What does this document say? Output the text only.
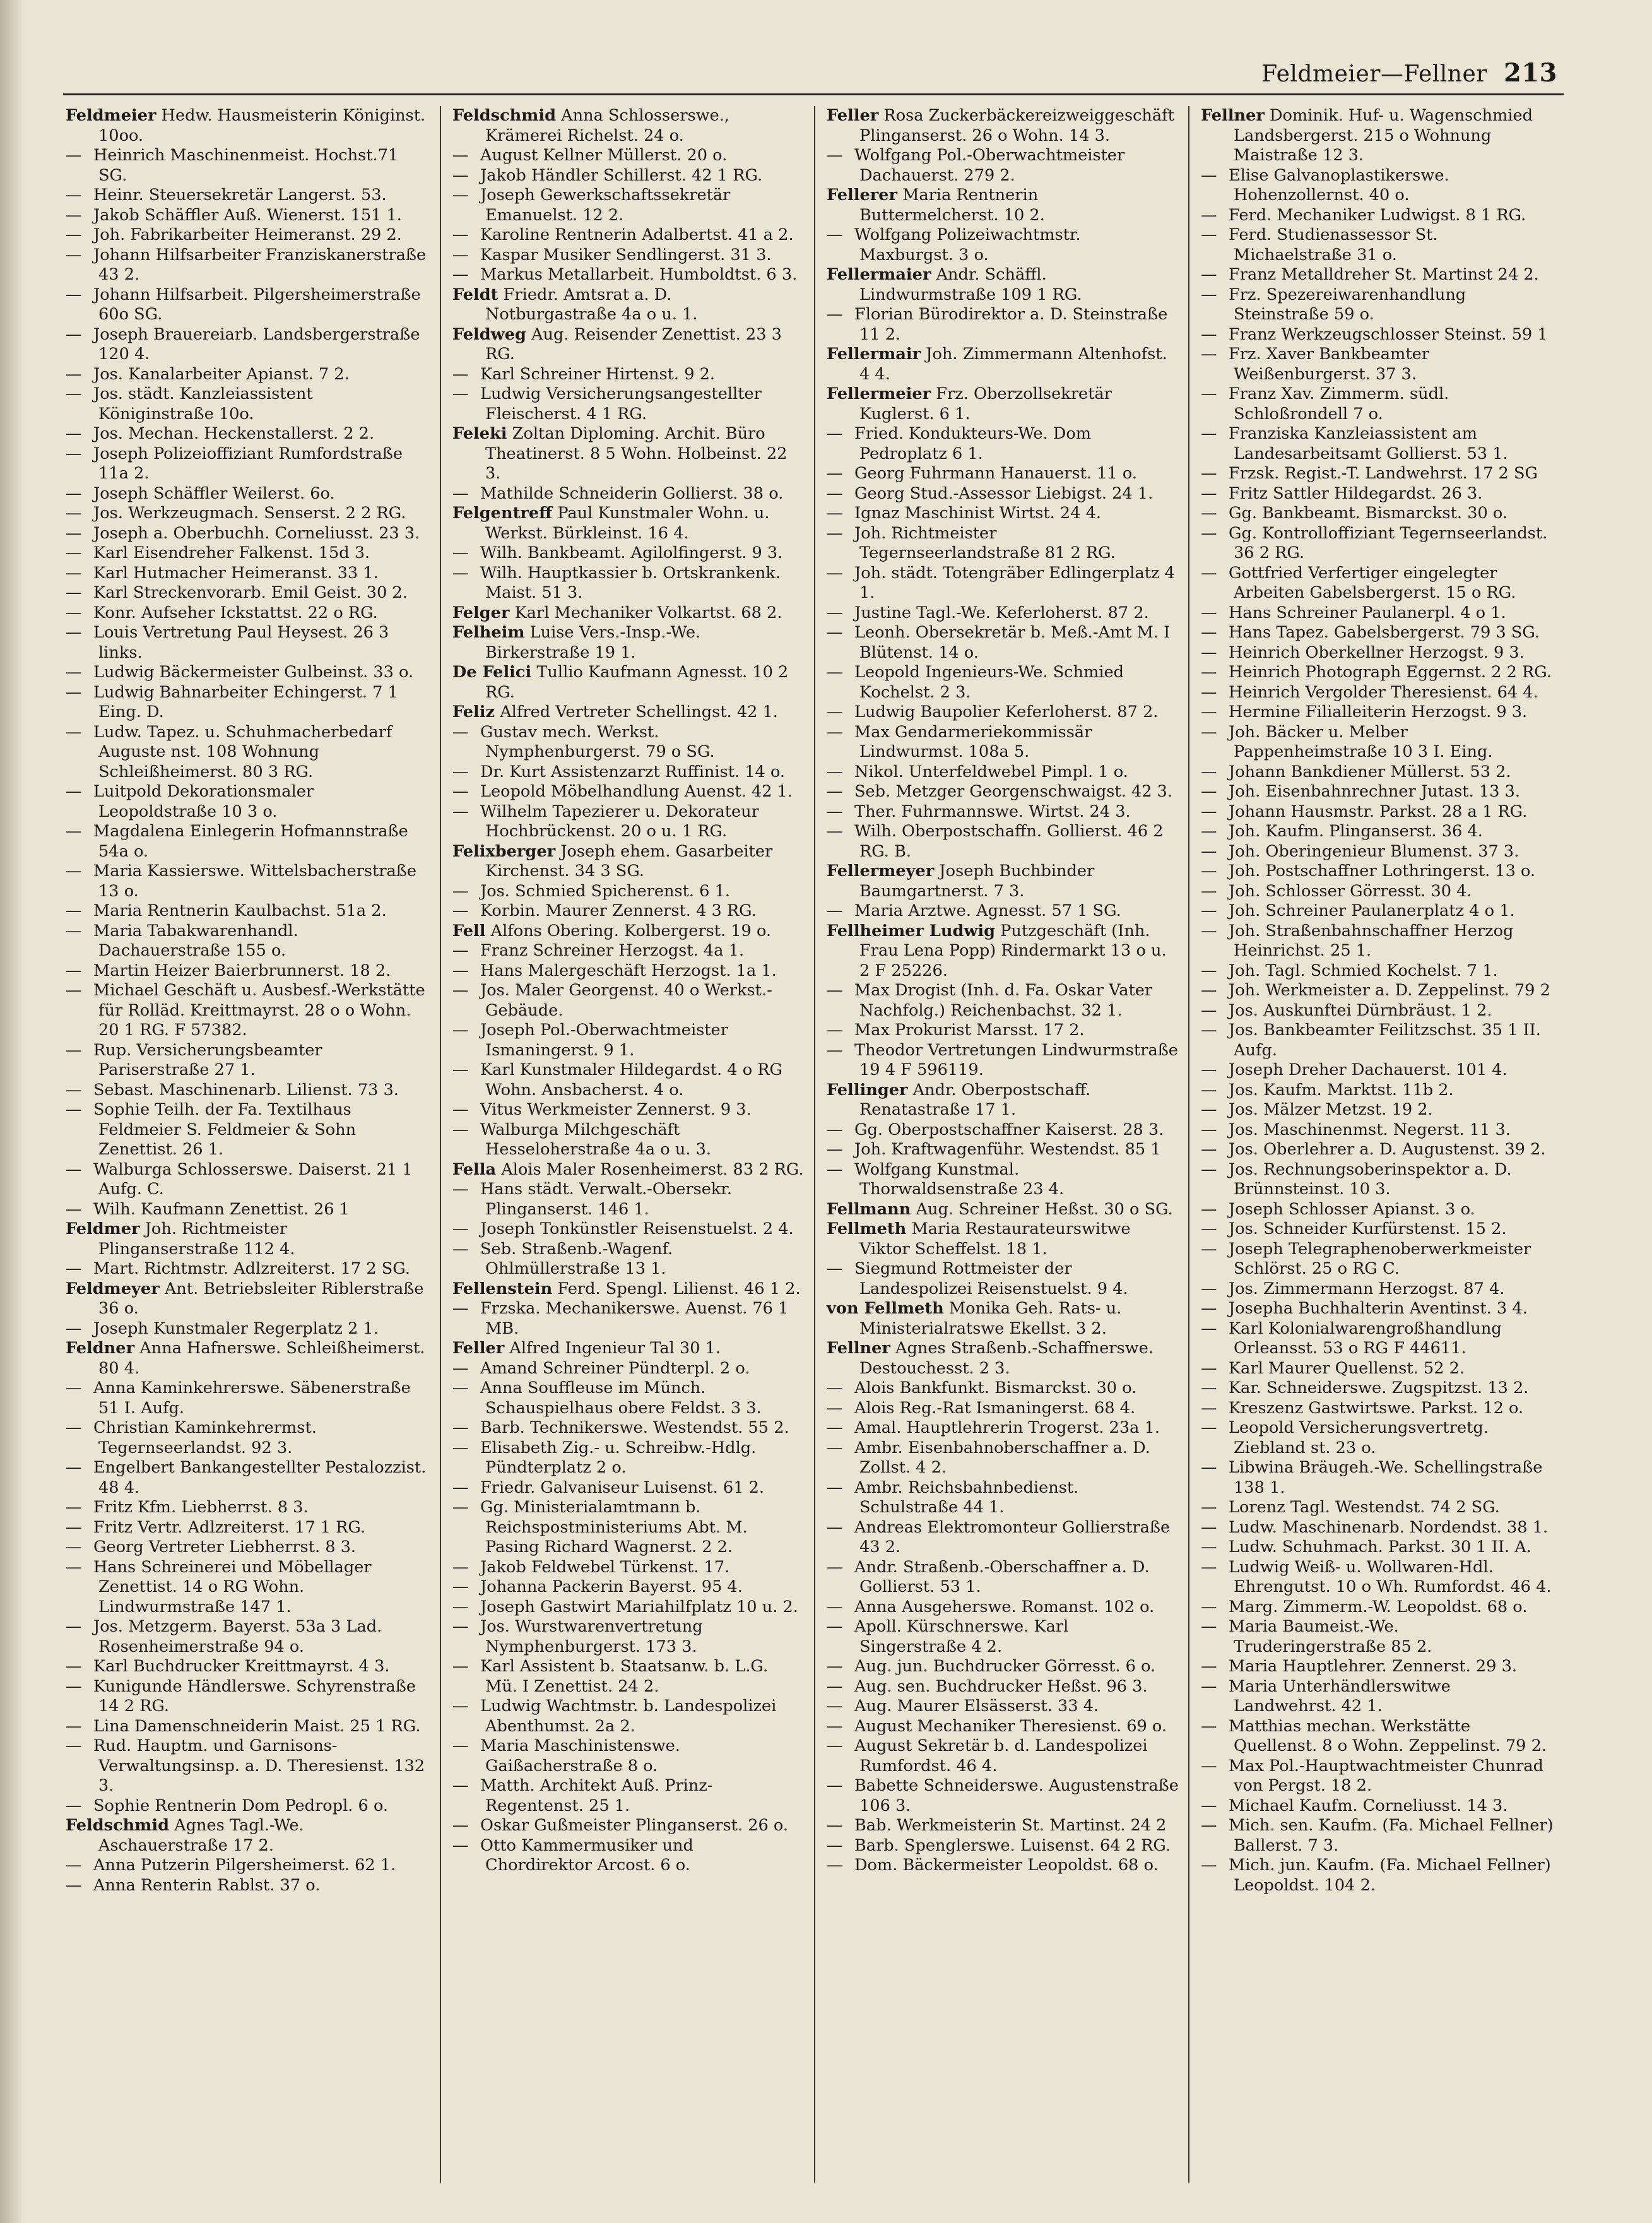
Feldmeier—Fellner 213

Feldmeier Hedw. Hausmeisterin Königinst. 10oo.

— Heinrich Maschinenmeist. Hochst.71 SG.

— Heinr. Steuersekretär Langerst. 53.

— Jakob Schäffler Auß. Wienerst. 151 1.

— Joh. Fabrikarbeiter Heimeranst. 29 2.

— Johann Hilfsarbeiter Franziskanerstraße 43 2.

— Johann Hilfsarbeit. Pilgersheimerstraße 60o SG.

— Joseph Brauereiarb. Landsbergerstraße 120 4.

— Jos. Kanalarbeiter Apianst. 7 2.

— Jos. städt. Kanzleiassistent Königinstraße 10o.

— Jos. Mechan. Heckenstallerst. 2 2.

— Joseph Polizeioffiziant Rumfordstraße 11a 2.

— Joseph Schäffler Weilerst. 6o.

— Jos. Werkzeugmach. Senserst. 2 2 RG.

— Joseph a. Oberbuchh. Corneliusst. 23 3.

— Karl Eisendreher Falkenst. 15d 3.

— Karl Hutmacher Heimeranst. 33 1.

— Karl Streckenvorarb. Emil Geist. 30 2.

— Konr. Aufseher Ickstattst. 22 o RG.

— Louis Vertretung Paul Heysest. 26 3 links.

— Ludwig Bäckermeister Gulbeinst. 33 o.

— Ludwig Bahnarbeiter Echingerst. 7 1 Eing. D.

— Ludw. Tapez. u. Schuhmacherbedarf Auguste nst. 108 Wohnung Schleißheimerst. 80 3 RG.

— Luitpold Dekorationsmaler Leopoldstraße 10 3 o.

— Magdalena Einlegerin Hofmannstraße 54a o.

— Maria Kassierswe. Wittelsbacherstraße 13 o.

— Maria Rentnerin Kaulbachst. 51a 2.

— Maria Tabakwarenhandl. Dachauerstraße 155 o.

— Martin Heizer Baierbrunnerst. 18 2.

— Michael Geschäft u. Ausbesf.-Werkstätte für Rolläd. Kreittmayrst. 28 o o Wohn. 20 1 RG. F 57382.

— Rup. Versicherungsbeamter Pariserstraße 27 1.

— Sebast. Maschinenarb. Lilienst. 73 3.

— Sophie Teilh. der Fa. Textilhaus Feldmeier S. Feldmeier & Sohn Zenettist. 26 1.

— Walburga Schlosserswe. Daiserst. 21 1 Aufg. C.

— Wilh. Kaufmann Zenettist. 26 1

Feldmer Joh. Richtmeister Plinganserstraße 112 4.

— Mart. Richtmstr. Adlzreiterst. 17 2 SG.

Feldmeyer Ant. Betriebsleiter Riblerstraße 36 o.

— Joseph Kunstmaler Regerplatz 2 1.

Feldner Anna Hafnerswe. Schleißheimerst. 80 4.

— Anna Kaminkehrerswe. Säbenerstraße 51 I. Aufg.

— Christian Kaminkehrermst. Tegernseerlandst. 92 3.

— Engelbert Bankangestellter Pestalozzist. 48 4.

— Fritz Kfm. Liebherrst. 8 3.

— Fritz Vertr. Adlzreiterst. 17 1 RG.

— Georg Vertreter Liebherrst. 8 3.

— Hans Schreinerei und Möbellager Zenettist. 14 o RG Wohn. Lindwurmstraße 147 1.

— Jos. Metzgerm. Bayerst. 53a 3 Lad. Rosenheimerstraße 94 o.

— Karl Buchdrucker Kreittmayrst. 4 3.

— Kunigunde Händlerswe. Schyrenstraße 14 2 RG.

— Lina Damenschneiderin Maist. 25 1 RG.

— Rud. Hauptm. und Garnisons-Verwaltungsinsp. a. D. Theresienst. 132 3.

— Sophie Rentnerin Dom Pedropl. 6 o.

Feldschmid Agnes Tagl.-We. Aschauerstraße 17 2.

— Anna Putzerin Pilgersheimerst. 62 1.

— Anna Renterin Rablst. 37 o.

Feldschmid Anna Schlosserswe., Krämerei Richelst. 24 o.

— August Kellner Müllerst. 20 o.

— Jakob Händler Schillerst. 42 1 RG.

— Joseph Gewerkschaftssekretär Emanuelst. 12 2.

— Karoline Rentnerin Adalbertst. 41 a 2.

— Kaspar Musiker Sendlingerst. 31 3.

— Markus Metallarbeit. Humboldtst. 6 3.

Feldt Friedr. Amtsrat a. D. Notburgastraße 4a o u. 1.

Feldweg Aug. Reisender Zenettist. 23 3 RG.

— Karl Schreiner Hirtenst. 9 2.

— Ludwig Versicherungsangestellter Fleischerst. 4 1 RG.

Feleki Zoltan Diploming. Archit. Büro Theatinerst. 8 5 Wohn. Holbeinst. 22 3.

— Mathilde Schneiderin Gollierst. 38 o.

Felgentreff Paul Kunstmaler Wohn. u. Werkst. Bürkleinst. 16 4.

— Wilh. Bankbeamt. Agilolfingerst. 9 3.

— Wilh. Hauptkassier b. Ortskrankenk. Maist. 51 3.

Felger Karl Mechaniker Volkartst. 68 2.

Felheim Luise Vers.-Insp.-We. Birkerstraße 19 1.

De Felici Tullio Kaufmann Agnesst. 10 2 RG.

Feliz Alfred Vertreter Schellingst. 42 1.

— Gustav mech. Werkst. Nymphenburgerst. 79 o SG.

— Dr. Kurt Assistenzarzt Ruffinist. 14 o.

— Leopold Möbelhandlung Auenst. 42 1.

— Wilhelm Tapezierer u. Dekorateur Hochbrückenst. 20 o u. 1 RG.

Felixberger Joseph ehem. Gasarbeiter Kirchenst. 34 3 SG.

— Jos. Schmied Spicherenst. 6 1.

— Korbin. Maurer Zennerst. 4 3 RG.

Fell Alfons Obering. Kolbergerst. 19 o.

— Franz Schreiner Herzogst. 4a 1.

— Hans Malergeschäft Herzogst. 1a 1.

— Jos. Maler Georgenst. 40 o Werkst.-Gebäude.

— Joseph Pol.-Oberwachtmeister Ismaningerst. 9 1.

— Karl Kunstmaler Hildegardst. 4 o RG Wohn. Ansbacherst. 4 o.

— Vitus Werkmeister Zennerst. 9 3.

— Walburga Milchgeschäft Hesseloherstraße 4a o u. 3.

Fella Alois Maler Rosenheimerst. 83 2 RG.

— Hans städt. Verwalt.-Obersekr. Plinganserst. 146 1.

— Joseph Tonkünstler Reisenstuelst. 2 4.

— Seb. Straßenb.-Wagenf. Ohlmüllerstraße 13 1.

Fellenstein Ferd. Spengl. Lilienst. 46 1 2.

— Frzska. Mechanikerswe. Auenst. 76 1 MB.

Feller Alfred Ingenieur Tal 30 1.

— Amand Schreiner Pündterpl. 2 o.

— Anna Souffleuse im Münch. Schauspielhaus obere Feldst. 3 3.

— Barb. Technikerswe. Westendst. 55 2.

— Elisabeth Zig.- u. Schreibw.-Hdlg. Pündterplatz 2 o.

— Friedr. Galvaniseur Luisenst. 61 2.

— Gg. Ministerialamtmann b. Reichspostministeriums Abt. M. Pasing Richard Wagnerst. 2 2.

— Jakob Feldwebel Türkenst. 17.

— Johanna Packerin Bayerst. 95 4.

— Joseph Gastwirt Mariahilfplatz 10 u. 2.

— Jos. Wurstwarenvertretung Nymphenburgerst. 173 3.

— Karl Assistent b. Staatsanw. b. L.G. Mü. I Zenettist. 24 2.

— Ludwig Wachtmstr. b. Landespolizei Abenthumst. 2a 2.

— Maria Maschinistenswe. Gaißacherstraße 8 o.

— Matth. Architekt Auß. Prinz-Regentenst. 25 1.

— Oskar Gußmeister Plinganserst. 26 o.

— Otto Kammermusiker und Chordirektor Arcost. 6 o.

Feller Rosa Zuckerbäckereizweiggeschäft Plinganserst. 26 o Wohn. 14 3.

— Wolfgang Pol.-Oberwachtmeister Dachauerst. 279 2.

Fellerer Maria Rentnerin Buttermelcherst. 10 2.

— Wolfgang Polizeiwachtmstr. Maxburgst. 3 o.

Fellermaier Andr. Schäffl. Lindwurmstraße 109 1 RG.

— Florian Bürodirektor a. D. Steinstraße 11 2.

Fellermair Joh. Zimmermann Altenhofst. 4 4.

Fellermeier Frz. Oberzollsekretär Kuglerst. 6 1.

— Fried. Kondukteurs-We. Dom Pedroplatz 6 1.

— Georg Fuhrmann Hanauerst. 11 o.

— Georg Stud.-Assessor Liebigst. 24 1.

— Ignaz Maschinist Wirtst. 24 4.

— Joh. Richtmeister Tegernseerlandstraße 81 2 RG.

— Joh. städt. Totengräber Edlingerplatz 4 1.

— Justine Tagl.-We. Keferloherst. 87 2.

— Leonh. Obersekretär b. Meß.-Amt M. I Blütenst. 14 o.

— Leopold Ingenieurs-We. Schmied Kochelst. 2 3.

— Ludwig Baupolier Keferloherst. 87 2.

— Max Gendarmeriekommissär Lindwurmst. 108a 5.

— Nikol. Unterfeldwebel Pimpl. 1 o.

— Seb. Metzger Georgenschwaigst. 42 3.

— Ther. Fuhrmannswe. Wirtst. 24 3.

— Wilh. Oberpostschaffn. Gollierst. 46 2 RG. B.

Fellermeyer Joseph Buchbinder Baumgartnerst. 7 3.

— Maria Arztwe. Agnesst. 57 1 SG.

Fellheimer Ludwig Putzgeschäft (Inh. Frau Lena Popp) Rindermarkt 13 o u. 2 F 25226.

— Max Drogist (Inh. d. Fa. Oskar Vater Nachfolg.) Reichenbachst. 32 1.

— Max Prokurist Marsst. 17 2.

— Theodor Vertretungen Lindwurmstraße 19 4 F 596119.

Fellinger Andr. Oberpostschaff. Renatastraße 17 1.

— Gg. Oberpostschaffner Kaiserst. 28 3.

— Joh. Kraftwagenführ. Westendst. 85 1

— Wolfgang Kunstmal. Thorwaldsenstraße 23 4.

Fellmann Aug. Schreiner Heßst. 30 o SG.

Fellmeth Maria Restaurateurswitwe Viktor Scheffelst. 18 1.

— Siegmund Rottmeister der Landespolizei Reisenstuelst. 9 4.

von Fellmeth Monika Geh. Rats- u. Ministerialratswe Ekellst. 3 2.

Fellner Agnes Straßenb.-Schaffnerswe. Destouchesst. 2 3.

— Alois Bankfunkt. Bismarckst. 30 o.

— Alois Reg.-Rat Ismaningerst. 68 4.

— Amal. Hauptlehrerin Trogerst. 23a 1.

— Ambr. Eisenbahnoberschaffner a. D. Zollst. 4 2.

— Ambr. Reichsbahnbedienst. Schulstraße 44 1.

— Andreas Elektromonteur Gollierstraße 43 2.

— Andr. Straßenb.-Oberschaffner a. D. Gollierst. 53 1.

— Anna Ausgeherswe. Romanst. 102 o.

— Apoll. Kürschnerswe. Karl Singerstraße 4 2.

— Aug. jun. Buchdrucker Görresst. 6 o.

— Aug. sen. Buchdrucker Heßst. 96 3.

— Aug. Maurer Elsässerst. 33 4.

— August Mechaniker Theresienst. 69 o.

— August Sekretär b. d. Landespolizei Rumfordst. 46 4.

— Babette Schneiderswe. Augustenstraße 106 3.

— Bab. Werkmeisterin St. Martinst. 24 2

— Barb. Spenglerswe. Luisenst. 64 2 RG.

— Dom. Bäckermeister Leopoldst. 68 o.

Fellner Dominik. Huf- u. Wagenschmied Landsbergerst. 215 o Wohnung Maistraße 12 3.

— Elise Galvanoplastikerswe. Hohenzollernst. 40 o.

— Ferd. Mechaniker Ludwigst. 8 1 RG.

— Ferd. Studienassessor St. Michaelstraße 31 o.

— Franz Metalldreher St. Martinst 24 2.

— Frz. Spezereiwarenhandlung Steinstraße 59 o.

— Franz Werkzeugschlosser Steinst. 59 1

— Frz. Xaver Bankbeamter Weißenburgerst. 37 3.

— Franz Xav. Zimmerm. südl. Schloßrondell 7 o.

— Franziska Kanzleiassistent am Landesarbeitsamt Gollierst. 53 1.

— Frzsk. Regist.-T. Landwehrst. 17 2 SG

— Fritz Sattler Hildegardst. 26 3.

— Gg. Bankbeamt. Bismarckst. 30 o.

— Gg. Kontrolloffiziant Tegernseerlandst. 36 2 RG.

— Gottfried Verfertiger eingelegter Arbeiten Gabelsbergerst. 15 o RG.

— Hans Schreiner Paulanerpl. 4 o 1.

— Hans Tapez. Gabelsbergerst. 79 3 SG.

— Heinrich Oberkellner Herzogst. 9 3.

— Heinrich Photograph Eggernst. 2 2 RG.

— Heinrich Vergolder Theresienst. 64 4.

— Hermine Filialleiterin Herzogst. 9 3.

— Joh. Bäcker u. Melber Pappenheimstraße 10 3 I. Eing.

— Johann Bankdiener Müllerst. 53 2.

— Joh. Eisenbahnrechner Jutast. 13 3.

— Johann Hausmstr. Parkst. 28 a 1 RG.

— Joh. Kaufm. Plinganserst. 36 4.

— Joh. Oberingenieur Blumenst. 37 3.

— Joh. Postschaffner Lothringerst. 13 o.

— Joh. Schlosser Görresst. 30 4.

— Joh. Schreiner Paulanerplatz 4 o 1.

— Joh. Straßenbahnschaffner Herzog Heinrichst. 25 1.

— Joh. Tagl. Schmied Kochelst. 7 1.

— Joh. Werkmeister a. D. Zeppelinst. 79 2

— Jos. Auskunftei Dürnbräust. 1 2.

— Jos. Bankbeamter Feilitzschst. 35 1 II. Aufg.

— Joseph Dreher Dachauerst. 101 4.

— Jos. Kaufm. Marktst. 11b 2.

— Jos. Mälzer Metzst. 19 2.

— Jos. Maschinenmst. Negerst. 11 3.

— Jos. Oberlehrer a. D. Augustenst. 39 2.

— Jos. Rechnungsoberinspektor a. D. Brünnsteinst. 10 3.

— Joseph Schlosser Apianst. 3 o.

— Jos. Schneider Kurfürstenst. 15 2.

— Joseph Telegraphenoberwerkmeister Schlörst. 25 o RG C.

— Jos. Zimmermann Herzogst. 87 4.

— Josepha Buchhalterin Aventinst. 3 4.

— Karl Kolonialwarengroßhandlung Orleansst. 53 o RG F 44611.

— Karl Maurer Quellenst. 52 2.

— Kar. Schneiderswe. Zugspitzst. 13 2.

— Kreszenz Gastwirtswe. Parkst. 12 o.

— Leopold Versicherungsvertretg. Ziebland st. 23 o.

— Libwina Bräugeh.-We. Schellingstraße 138 1.

— Lorenz Tagl. Westendst. 74 2 SG.

— Ludw. Maschinenarb. Nordendst. 38 1.

— Ludw. Schuhmach. Parkst. 30 1 II. A.

— Ludwig Weiß- u. Wollwaren-Hdl. Ehrengutst. 10 o Wh. Rumfordst. 46 4.

— Marg. Zimmerm.-W. Leopoldst. 68 o.

— Maria Baumeist.-We. Truderingerstraße 85 2.

— Maria Hauptlehrer. Zennerst. 29 3.

— Maria Unterhändlerswitwe Landwehrst. 42 1.

— Matthias mechan. Werkstätte Quellenst. 8 o Wohn. Zeppelinst. 79 2.

— Max Pol.-Hauptwachtmeister Chunrad von Pergst. 18 2.

— Michael Kaufm. Corneliusst. 14 3.

— Mich. sen. Kaufm. (Fa. Michael Fellner) Ballerst. 7 3.

— Mich. jun. Kaufm. (Fa. Michael Fellner) Leopoldst. 104 2.
